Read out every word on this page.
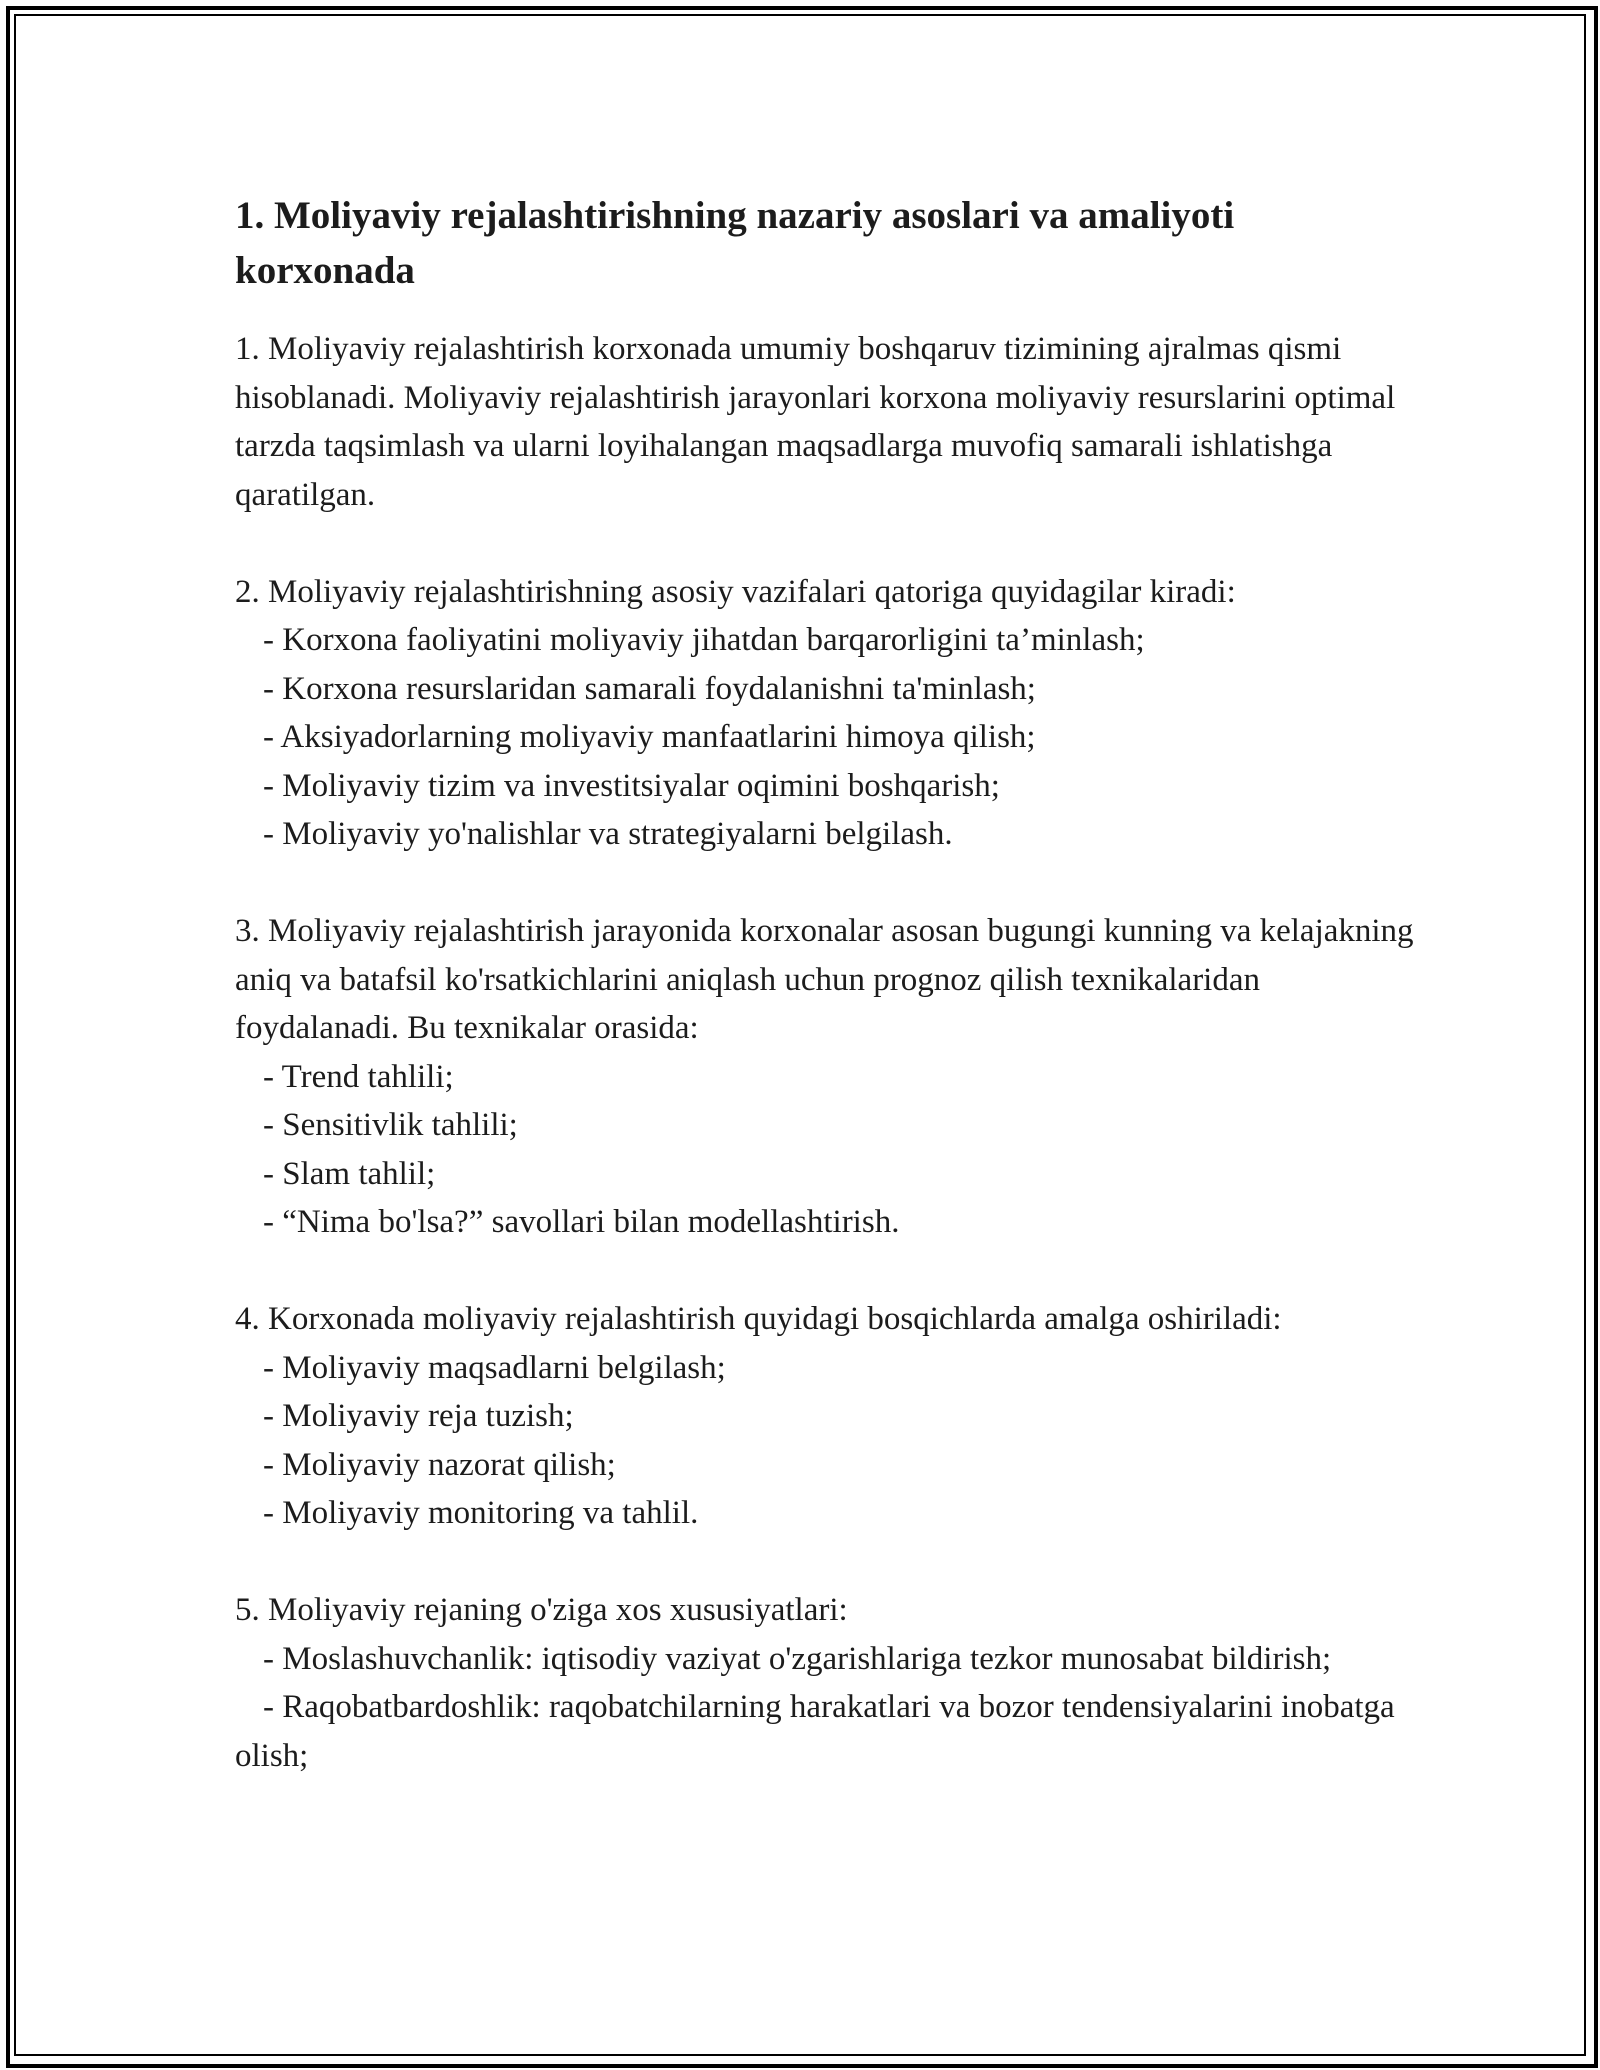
1. Moliyaviy rejalashtirishning nazariy asoslari va amaliyoti korxonada

1. Moliyaviy rejalashtirish korxonada umumiy boshqaruv tizimining ajralmas qismi hisoblanadi. Moliyaviy rejalashtirish jarayonlari korxona moliyaviy resurslarini optimal tarzda taqsimlash va ularni loyihalangan maqsadlarga muvofiq samarali ishlatishga qaratilgan.

2. Moliyaviy rejalashtirishning asosiy vazifalari qatoriga quyidagilar kiradi:

- Korxona faoliyatini moliyaviy jihatdan barqarorligini ta’minlash;

- Korxona resurslaridan samarali foydalanishni ta'minlash;

- Aksiyadorlarning moliyaviy manfaatlarini himoya qilish;

- Moliyaviy tizim va investitsiyalar oqimini boshqarish;

- Moliyaviy yo'nalishlar va strategiyalarni belgilash.

3. Moliyaviy rejalashtirish jarayonida korxonalar asosan bugungi kunning va kelajakning aniq va batafsil ko'rsatkichlarini aniqlash uchun prognoz qilish texnikalaridan foydalanadi. Bu texnikalar orasida:

- Trend tahlili;

- Sensitivlik tahlili;

- Slam tahlil;

- “Nima bo'lsa?” savollari bilan modellashtirish.

4. Korxonada moliyaviy rejalashtirish quyidagi bosqichlarda amalga oshiriladi:

- Moliyaviy maqsadlarni belgilash;

- Moliyaviy reja tuzish;

- Moliyaviy nazorat qilish;

- Moliyaviy monitoring va tahlil.

5. Moliyaviy rejaning o'ziga xos xususiyatlari:

- Moslashuvchanlik: iqtisodiy vaziyat o'zgarishlariga tezkor munosabat bildirish;

- Raqobatbardoshlik: raqobatchilarning harakatlari va bozor tendensiyalarini inobatga olish;
